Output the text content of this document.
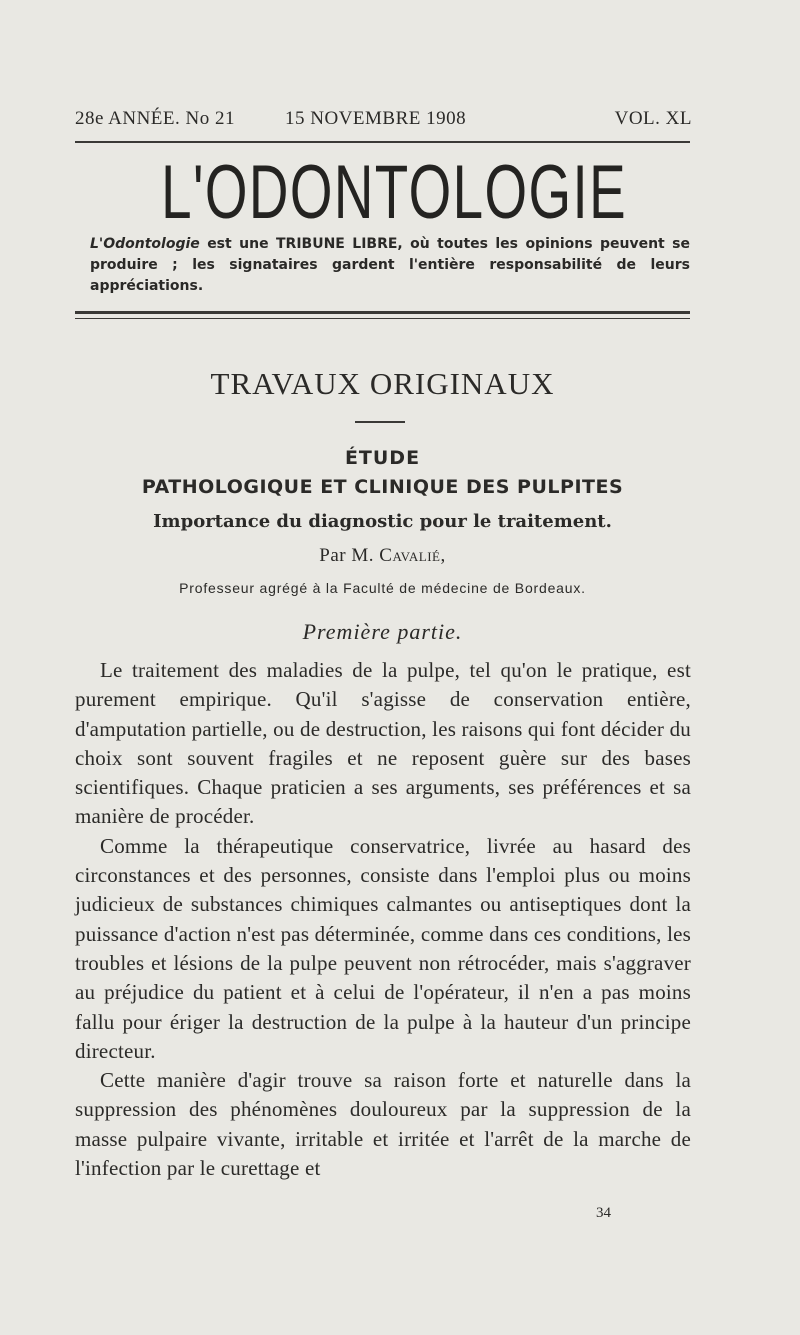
28e ANNÉE. No 21	15 NOVEMBRE 1908	VOL. XL
L'ODONTOLOGIE
L'Odontologie est une TRIBUNE LIBRE, où toutes les opinions peuvent se produire ; les signataires gardent l'entière responsabilité de leurs appréciations.
TRAVAUX ORIGINAUX
ÉTUDE
PATHOLOGIQUE ET CLINIQUE DES PULPITES
Importance du diagnostic pour le traitement.
Par M. Cavalié,
Professeur agrégé à la Faculté de médecine de Bordeaux.
Première partie.

Le traitement des maladies de la pulpe, tel qu'on le pratique, est purement empirique. Qu'il s'agisse de conservation entière, d'amputation partielle, ou de destruction, les raisons qui font décider du choix sont souvent fragiles et ne reposent guère sur des bases scientifiques. Chaque praticien a ses arguments, ses préférences et sa manière de procéder.

Comme la thérapeutique conservatrice, livrée au hasard des circonstances et des personnes, consiste dans l'emploi plus ou moins judicieux de substances chimiques calmantes ou antiseptiques dont la puissance d'action n'est pas déterminée, comme dans ces conditions, les troubles et lésions de la pulpe peuvent non rétrocéder, mais s'aggraver au préjudice du patient et à celui de l'opérateur, il n'en a pas moins fallu pour ériger la destruction de la pulpe à la hauteur d'un principe directeur.

Cette manière d'agir trouve sa raison forte et naturelle dans la suppression des phénomènes douloureux par la suppression de la masse pulpaire vivante, irritable et irritée et l'arrêt de la marche de l'infection par le curettage et

34
